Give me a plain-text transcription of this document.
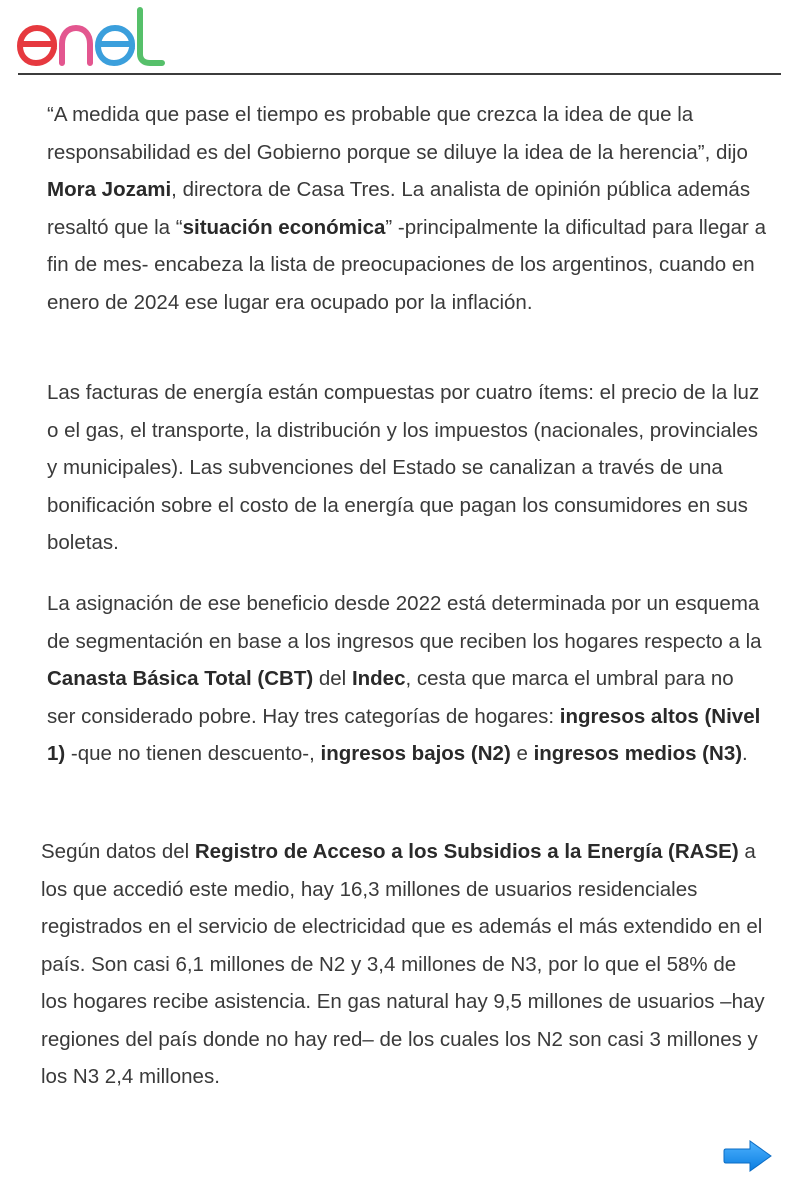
“A medida que pase el tiempo es probable que crezca la idea de que la responsabilidad es del Gobierno porque se diluye la idea de la herencia”, dijo Mora Jozami, directora de Casa Tres. La analista de opinión pública además resaltó que la “situación económica” -principalmente la dificultad para llegar a fin de mes- encabeza la lista de preocupaciones de los argentinos, cuando en enero de 2024 ese lugar era ocupado por la inflación.

Las facturas de energía están compuestas por cuatro ítems: el precio de la luz o el gas, el transporte, la distribución y los impuestos (nacionales, provinciales y municipales). Las subvenciones del Estado se canalizan a través de una bonificación sobre el costo de la energía que pagan los consumidores en sus boletas.

La asignación de ese beneficio desde 2022 está determinada por un esquema de segmentación en base a los ingresos que reciben los hogares respecto a la Canasta Básica Total (CBT) del Indec, cesta que marca el umbral para no ser considerado pobre. Hay tres categorías de hogares: ingresos altos (Nivel 1) -que no tienen descuento-, ingresos bajos (N2) e ingresos medios (N3).

Según datos del Registro de Acceso a los Subsidios a la Energía (RASE) a los que accedió este medio, hay 16,3 millones de usuarios residenciales registrados en el servicio de electricidad que es además el más extendido en el país. Son casi 6,1 millones de N2 y 3,4 millones de N3, por lo que el 58% de los hogares recibe asistencia. En gas natural hay 9,5 millones de usuarios –hay regiones del país donde no hay red– de los cuales los N2 son casi 3 millones y los N3 2,4 millones.
